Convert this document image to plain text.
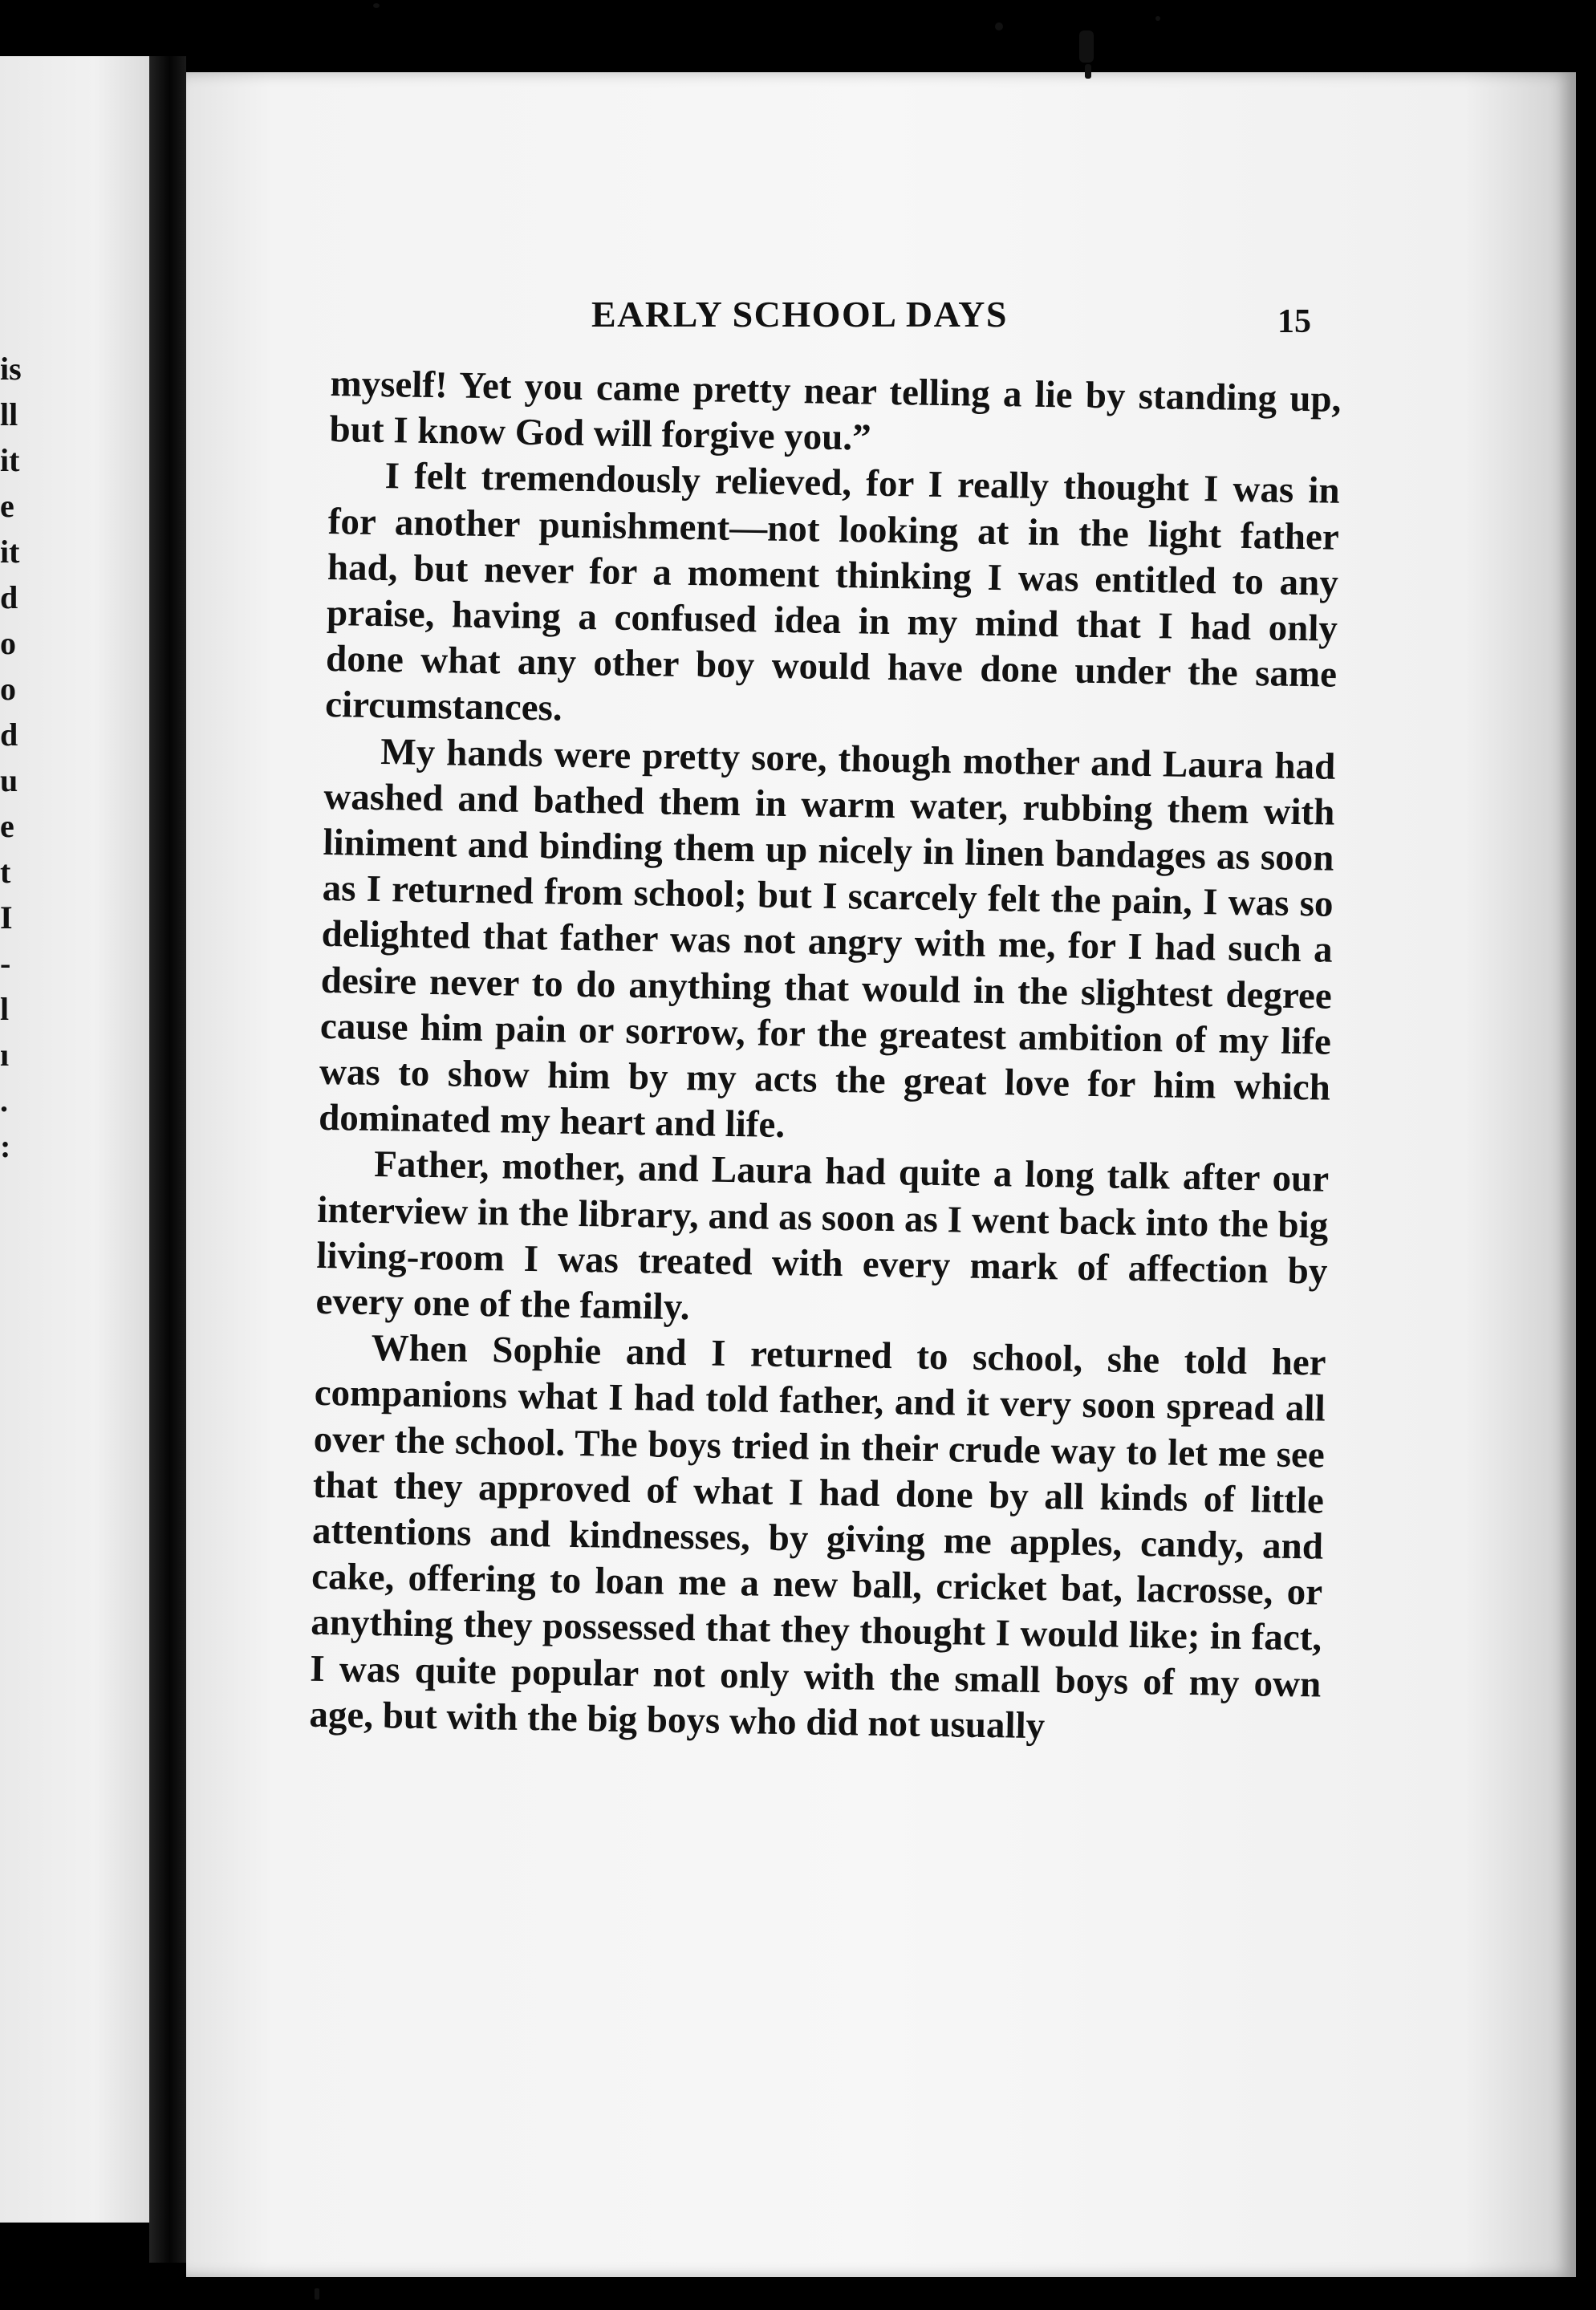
is
ll
it
e
it
d
o
o
d
u
e
t
I
-
l
ı
.
:
EARLY SCHOOL DAYS	15

myself! Yet you came pretty near telling a lie by standing up, but I know God will forgive you.”

I felt tremendously relieved, for I really thought I was in for another punishment—not looking at in the light father had, but never for a moment thinking I was entitled to any praise, having a confused idea in my mind that I had only done what any other boy would have done under the same circumstances.

My hands were pretty sore, though mother and Laura had washed and bathed them in warm water, rubbing them with liniment and binding them up nicely in linen bandages as soon as I returned from school; but I scarcely felt the pain, I was so delighted that father was not angry with me, for I had such a desire never to do anything that would in the slightest degree cause him pain or sorrow, for the greatest ambition of my life was to show him by my acts the great love for him which dominated my heart and life.

Father, mother, and Laura had quite a long talk after our interview in the library, and as soon as I went back into the big living-room I was treated with every mark of affection by every one of the family.

When Sophie and I returned to school, she told her companions what I had told father, and it very soon spread all over the school. The boys tried in their crude way to let me see that they approved of what I had done by all kinds of little attentions and kindnesses, by giving me apples, candy, and cake, offering to loan me a new ball, cricket bat, lacrosse, or anything they possessed that they thought I would like; in fact, I was quite popular not only with the small boys of my own age, but with the big boys who did not usually
